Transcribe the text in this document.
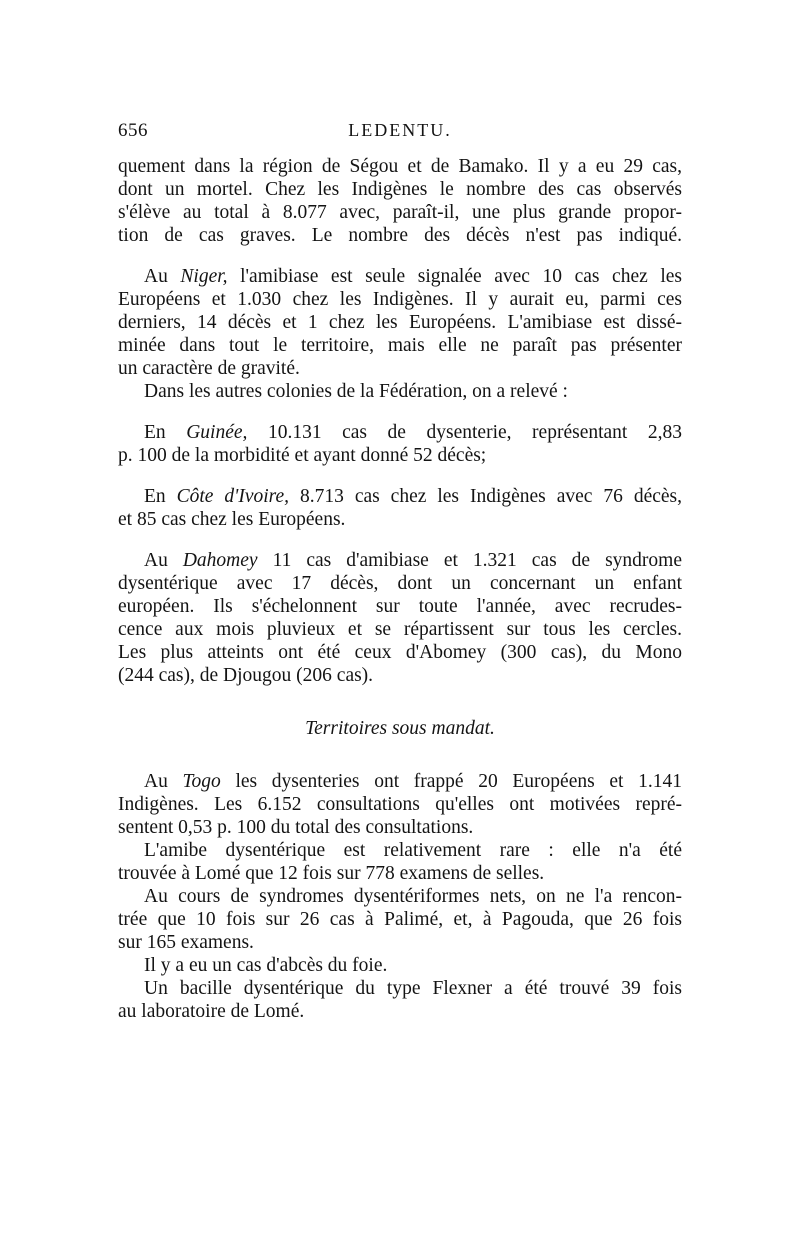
656	LEDENTU.
quement dans la région de Ségou et de Bamako. Il y a eu 29 cas,
dont un mortel. Chez les Indigènes le nombre des cas observés
s'élève au total à 8.077 avec, paraît-il, une plus grande propor-
tion de cas graves. Le nombre des décès n'est pas indiqué.
Au Niger, l'amibiase est seule signalée avec 10 cas chez les
Européens et 1.030 chez les Indigènes. Il y aurait eu, parmi ces
derniers, 14 décès et 1 chez les Européens. L'amibiase est dissé-
minée dans tout le territoire, mais elle ne paraît pas présenter
un caractère de gravité.
Dans les autres colonies de la Fédération, on a relevé :
En Guinée, 10.131 cas de dysenterie, représentant 2,83
p. 100 de la morbidité et ayant donné 52 décès;
En Côte d'Ivoire, 8.713 cas chez les Indigènes avec 76 décès,
et 85 cas chez les Européens.
Au Dahomey 11 cas d'amibiase et 1.321 cas de syndrome
dysentérique avec 17 décès, dont un concernant un enfant
européen. Ils s'échelonnent sur toute l'année, avec recrudes-
cence aux mois pluvieux et se répartissent sur tous les cercles.
Les plus atteints ont été ceux d'Abomey (300 cas), du Mono
(244 cas), de Djougou (206 cas).
Territoires sous mandat.
Au Togo les dysenteries ont frappé 20 Européens et 1.141
Indigènes. Les 6.152 consultations qu'elles ont motivées repré-
sentent 0,53 p. 100 du total des consultations.
L'amibe dysentérique est relativement rare : elle n'a été
trouvée à Lomé que 12 fois sur 778 examens de selles.
Au cours de syndromes dysentériformes nets, on ne l'a rencon-
trée que 10 fois sur 26 cas à Palimé, et, à Pagouda, que 26 fois
sur 165 examens.
Il y a eu un cas d'abcès du foie.
Un bacille dysentérique du type Flexner a été trouvé 39 fois
au laboratoire de Lomé.
